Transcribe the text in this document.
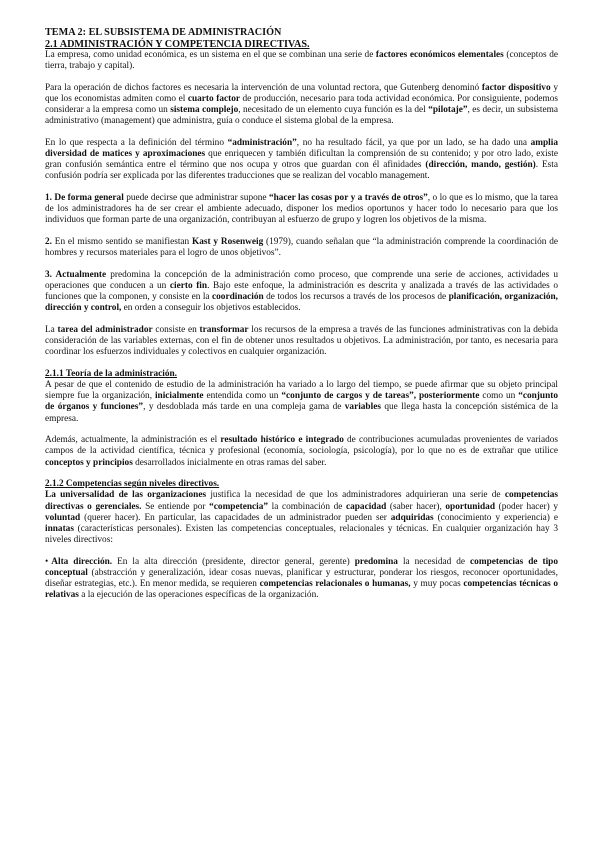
TEMA 2: EL SUBSISTEMA DE ADMINISTRACIÓN
2.1 ADMINISTRACIÓN Y COMPETENCIA DIRECTIVAS.

La empresa, como unidad económica, es un sistema en el que se combinan una serie de factores económicos elementales (conceptos de tierra, trabajo y capital).

Para la operación de dichos factores es necesaria la intervención de una voluntad rectora, que Gutenberg denominó factor dispositivo y que los economistas admiten como el cuarto factor de producción, necesario para toda actividad económica. Por consiguiente, podemos considerar a la empresa como un sistema complejo, necesitado de un elemento cuya función es la del “pilotaje”, es decir, un subsistema administrativo (management) que administra, guía o conduce el sistema global de la empresa.

En lo que respecta a la definición del término “administración”, no ha resultado fácil, ya que por un lado, se ha dado una amplia diversidad de matices y aproximaciones que enriquecen y también dificultan la comprensión de su contenido; y por otro lado, existe gran confusión semántica entre el término que nos ocupa y otros que guardan con él afinidades (dirección, mando, gestión). Esta confusión podría ser explicada por las diferentes traducciones que se realizan del vocablo management.

1. De forma general puede decirse que administrar supone “hacer las cosas por y a través de otros”, o lo que es lo mismo, que la tarea de los administradores ha de ser crear el ambiente adecuado, disponer los medios oportunos y hacer todo lo necesario para que los individuos que forman parte de una organización, contribuyan al esfuerzo de grupo y logren los objetivos de la misma.

2. En el mismo sentido se manifiestan Kast y Rosenweig (1979), cuando señalan que “la administración comprende la coordinación de hombres y recursos materiales para el logro de unos objetivos”.

3. Actualmente predomina la concepción de la administración como proceso, que comprende una serie de acciones, actividades u operaciones que conducen a un cierto fin. Bajo este enfoque, la administración es descrita y analizada a través de las actividades o funciones que la componen, y consiste en la coordinación de todos los recursos a través de los procesos de planificación, organización, dirección y control, en orden a conseguir los objetivos establecidos.

La tarea del administrador consiste en transformar los recursos de la empresa a través de las funciones administrativas con la debida consideración de las variables externas, con el fin de obtener unos resultados u objetivos. La administración, por tanto, es necesaria para coordinar los esfuerzos individuales y colectivos en cualquier organización.

2.1.1 Teoría de la administración.

A pesar de que el contenido de estudio de la administración ha variado a lo largo del tiempo, se puede afirmar que su objeto principal siempre fue la organización, inicialmente entendida como un “conjunto de cargos y de tareas”, posteriormente como un “conjunto de órganos y funciones”, y desdoblada más tarde en una compleja gama de variables que llega hasta la concepción sistémica de la empresa.

Además, actualmente, la administración es el resultado histórico e integrado de contribuciones acumuladas provenientes de variados campos de la actividad científica, técnica y profesional (economía, sociología, psicología), por lo que no es de extrañar que utilice conceptos y principios desarrollados inicialmente en otras ramas del saber.

2.1.2 Competencias según niveles directivos.

La universalidad de las organizaciones justifica la necesidad de que los administradores adquirieran una serie de competencias directivas o gerenciales. Se entiende por “competencia” la combinación de capacidad (saber hacer), oportunidad (poder hacer) y voluntad (querer hacer). En particular, las capacidades de un administrador pueden ser adquiridas (conocimiento y experiencia) e innatas (características personales). Existen las competencias conceptuales, relacionales y técnicas. En cualquier organización hay 3 niveles directivos:

• Alta dirección. En la alta dirección (presidente, director general, gerente) predomina la necesidad de competencias de tipo conceptual (abstracción y generalización, idear cosas nuevas, planificar y estructurar, ponderar los riesgos, reconocer oportunidades, diseñar estrategias, etc.). En menor medida, se requieren competencias relacionales o humanas, y muy pocas competencias técnicas o relativas a la ejecución de las operaciones específicas de la organización.
